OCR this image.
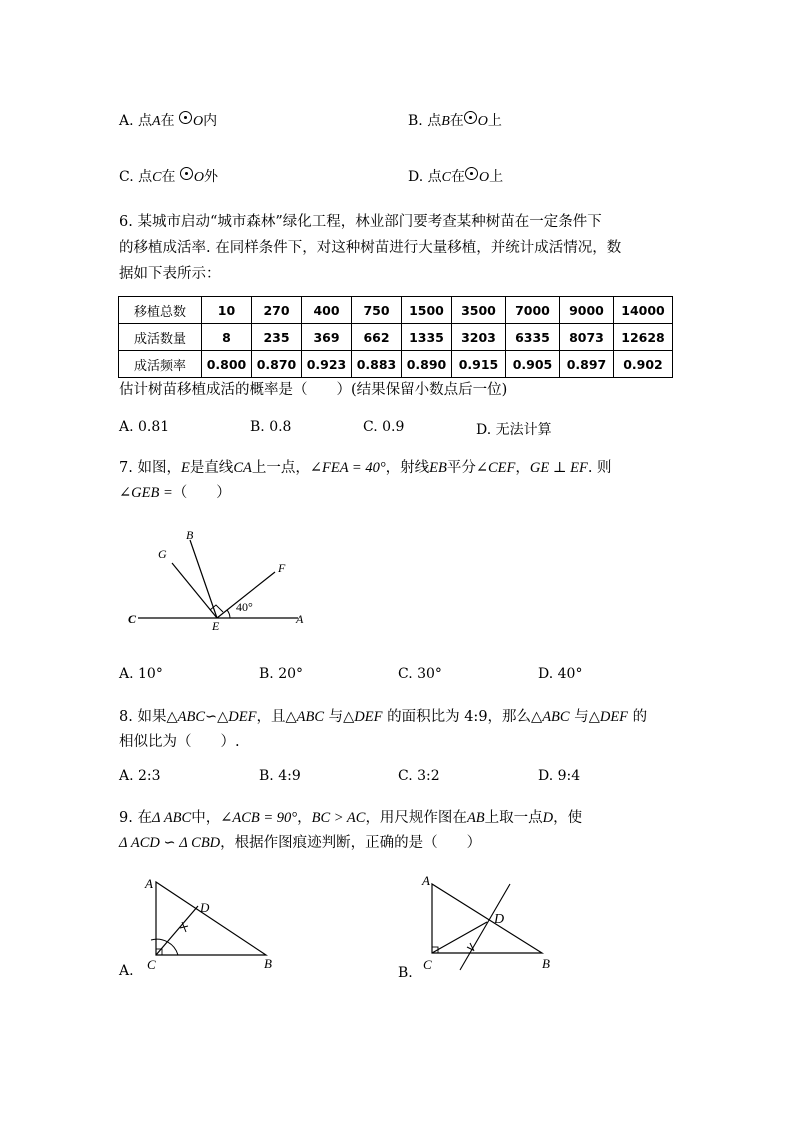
A. 点A在 O内	B. 点B在 O上
C. 点C在 O外	D. 点C在 O上
6. 某城市启动“城市森林”绿化工程，林业部门要考查某种树苗在一定条件下
的移植成活率. 在同样条件下，对这种树苗进行大量移植，并统计成活情况，数
据如下表所示：
移植总数	10	270	400	750	1500	3500	7000	9000	14000
成活数量	8	235	369	662	1335	3203	6335	8073	12628
成活频率	0.800	0.870	0.923	0.883	0.890	0.915	0.905	0.897	0.902
估计树苗移植成活的概率是（　　）(结果保留小数点后一位)
A. 0.81	B. 0.8	C. 0.9	D. 无法计算
7. 如图，E是直线CA上一点，∠FEA = 40°，射线EB平分∠CEF，GE ⊥ EF. 则
∠GEB =（　　）
B
G
F
C	E	A
40°
A. 10°	B. 20°	C. 30°	D. 40°
8. 如果△ABC∽△DEF，且△ABC 与△DEF 的面积比为 4:9，那么△ABC 与△DEF 的
相似比为（　　）.
A. 2:3	B. 4:9	C. 3:2	D. 9:4
9. 在Δ ABC中，∠ACB = 90°，BC > AC，用尺规作图在AB上取一点D，使
Δ ACD ∽ Δ CBD，根据作图痕迹判断，正确的是（　　）
A.
A
D
C	B
B.
A
D
C	B
